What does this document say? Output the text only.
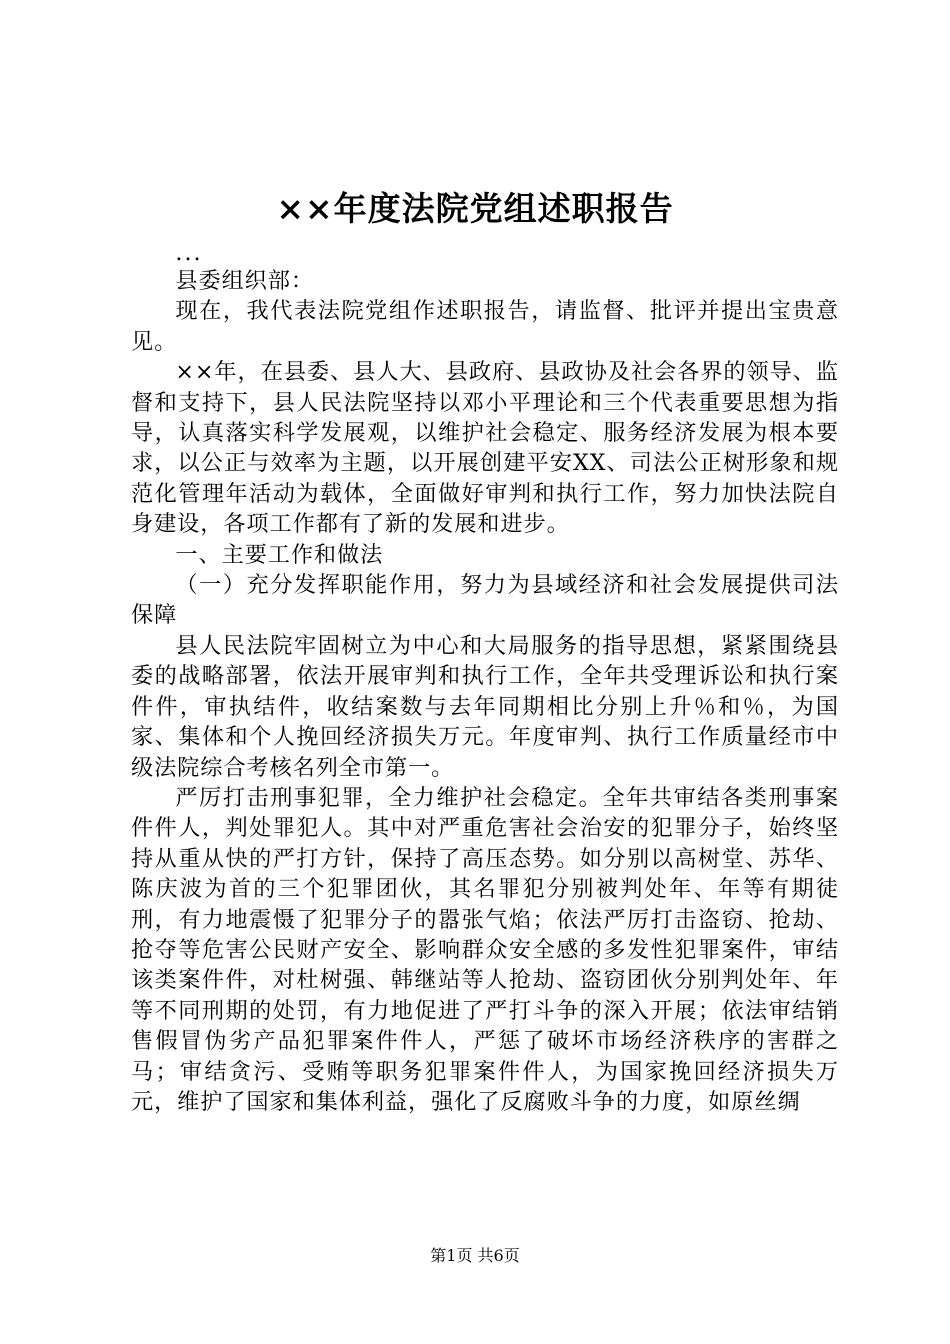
××年度法院党组述职报告

...

县委组织部：

现在，我代表法院党组作述职报告，请监督、批评并提出宝贵意见。

××年，在县委、县人大、县政府、县政协及社会各界的领导、监督和支持下，县人民法院坚持以邓小平理论和三个代表重要思想为指导，认真落实科学发展观，以维护社会稳定、服务经济发展为根本要求，以公正与效率为主题，以开展创建平安XX、司法公正树形象和规范化管理年活动为载体，全面做好审判和执行工作，努力加快法院自身建设，各项工作都有了新的发展和进步。

一、主要工作和做法

（一）充分发挥职能作用，努力为县域经济和社会发展提供司法保障

县人民法院牢固树立为中心和大局服务的指导思想，紧紧围绕县委的战略部署，依法开展审判和执行工作，全年共受理诉讼和执行案件件，审执结件，收结案数与去年同期相比分别上升％和％，为国家、集体和个人挽回经济损失万元。年度审判、执行工作质量经市中级法院综合考核名列全市第一。

严厉打击刑事犯罪，全力维护社会稳定。全年共审结各类刑事案件件人，判处罪犯人。其中对严重危害社会治安的犯罪分子，始终坚持从重从快的严打方针，保持了高压态势。如分别以高树堂、苏华、陈庆波为首的三个犯罪团伙，其名罪犯分别被判处年、年等有期徒刑，有力地震慑了犯罪分子的嚣张气焰；依法严厉打击盗窃、抢劫、抢夺等危害公民财产安全、影响群众安全感的多发性犯罪案件，审结该类案件件，对杜树强、韩继站等人抢劫、盗窃团伙分别判处年、年等不同刑期的处罚，有力地促进了严打斗争的深入开展；依法审结销售假冒伪劣产品犯罪案件件人，严惩了破坏市场经济秩序的害群之马；审结贪污、受贿等职务犯罪案件件人，为国家挽回经济损失万元，维护了国家和集体利益，强化了反腐败斗争的力度，如原丝绸

第1页 共6页
